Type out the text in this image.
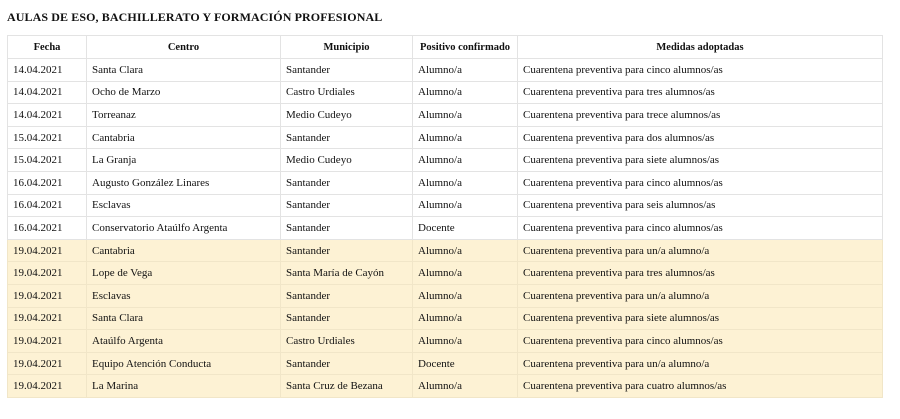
AULAS DE ESO, BACHILLERATO Y FORMACIÓN PROFESIONAL
Fecha	Centro	Municipio	Positivo confirmado	Medidas adoptadas
14.04.2021	Santa Clara	Santander	Alumno/a	Cuarentena preventiva para cinco alumnos/as
14.04.2021	Ocho de Marzo	Castro Urdiales	Alumno/a	Cuarentena preventiva para tres alumnos/as
14.04.2021	Torreanaz	Medio Cudeyo	Alumno/a	Cuarentena preventiva para trece alumnos/as
15.04.2021	Cantabria	Santander	Alumno/a	Cuarentena preventiva para dos alumnos/as
15.04.2021	La Granja	Medio Cudeyo	Alumno/a	Cuarentena preventiva para siete alumnos/as
16.04.2021	Augusto González Linares	Santander	Alumno/a	Cuarentena preventiva para cinco alumnos/as
16.04.2021	Esclavas	Santander	Alumno/a	Cuarentena preventiva para seis alumnos/as
16.04.2021	Conservatorio Ataúlfo Argenta	Santander	Docente	Cuarentena preventiva para cinco alumnos/as
19.04.2021	Cantabria	Santander	Alumno/a	Cuarentena preventiva para un/a alumno/a
19.04.2021	Lope de Vega	Santa María de Cayón	Alumno/a	Cuarentena preventiva para tres alumnos/as
19.04.2021	Esclavas	Santander	Alumno/a	Cuarentena preventiva para un/a alumno/a
19.04.2021	Santa Clara	Santander	Alumno/a	Cuarentena preventiva para siete alumnos/as
19.04.2021	Ataúlfo Argenta	Castro Urdiales	Alumno/a	Cuarentena preventiva para cinco alumnos/as
19.04.2021	Equipo Atención Conducta	Santander	Docente	Cuarentena preventiva para un/a alumno/a
19.04.2021	La Marina	Santa Cruz de Bezana	Alumno/a	Cuarentena preventiva para cuatro alumnos/as
